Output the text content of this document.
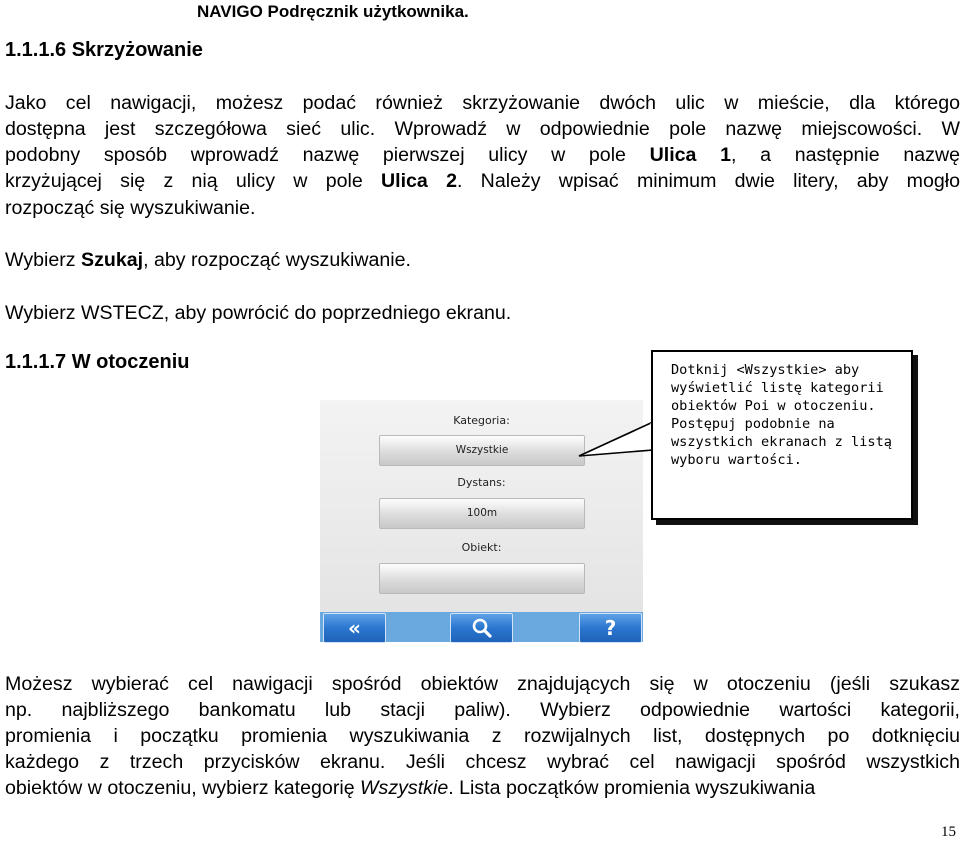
NAVIGO Podręcznik użytkownika.
1.1.1.6 Skrzyżowanie
Jako cel nawigacji, możesz podać również skrzyżowanie dwóch ulic w mieście, dla którego
dostępna jest szczegółowa sieć ulic. Wprowadź w odpowiednie pole nazwę miejscowości. W
podobny sposób wprowadź nazwę pierwszej ulicy w pole Ulica 1, a następnie nazwę
krzyżującej się z nią ulicy w pole Ulica 2. Należy wpisać minimum dwie litery, aby mogło
rozpocząć się wyszukiwanie.
Wybierz Szukaj, aby rozpocząć wyszukiwanie.
Wybierz WSTECZ, aby powrócić do poprzedniego ekranu.
1.1.1.7 W otoczeniu
Kategoria:
Wszystkie
Dystans:
100m
Obiekt:
«	?
Dotknij <Wszystkie> aby
wyświetlić listę kategorii
obiektów Poi w otoczeniu.
Postępuj podobnie na
wszystkich ekranach z listą
wyboru wartości.
Możesz wybierać cel nawigacji spośród obiektów znajdujących się w otoczeniu (jeśli szukasz
np. najbliższego bankomatu lub stacji paliw). Wybierz odpowiednie wartości kategorii,
promienia i początku promienia wyszukiwania z rozwijalnych list, dostępnych po dotknięciu
każdego z trzech przycisków ekranu. Jeśli chcesz wybrać cel nawigacji spośród wszystkich
obiektów w otoczeniu, wybierz kategorię Wszystkie. Lista początków promienia wyszukiwania
15
